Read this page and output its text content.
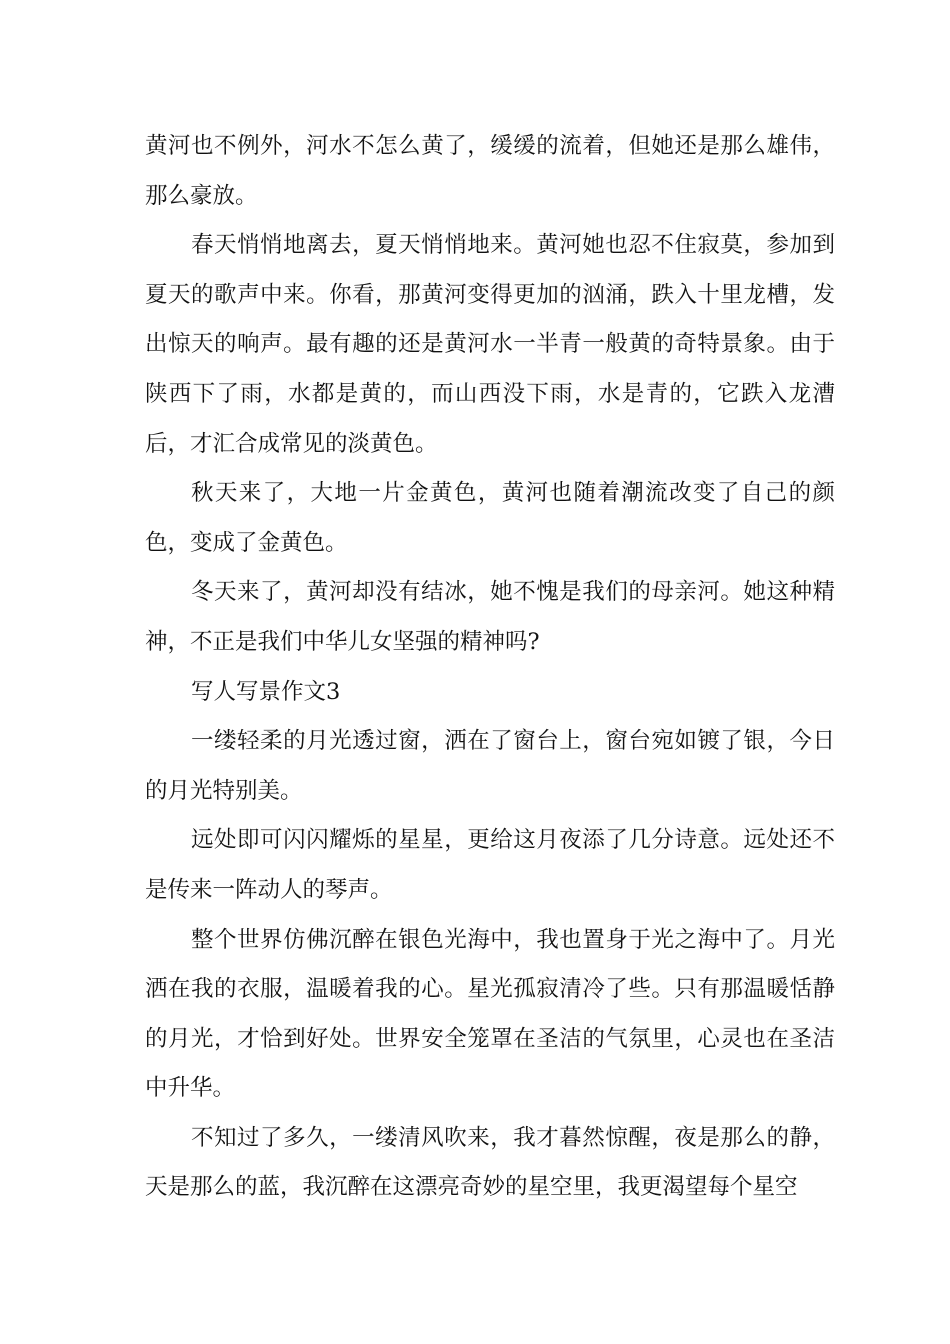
黄河也不例外，河水不怎么黄了，缓缓的流着，但她还是那么雄伟，那么豪放。

春天悄悄地离去，夏天悄悄地来。黄河她也忍不住寂莫，参加到夏天的歌声中来。你看，那黄河变得更加的汹涌，跌入十里龙槽，发出惊天的响声。最有趣的还是黄河水一半青一般黄的奇特景象。由于陕西下了雨，水都是黄的，而山西没下雨，水是青的，它跌入龙漕后，才汇合成常见的淡黄色。

秋天来了，大地一片金黄色，黄河也随着潮流改变了自己的颜色，变成了金黄色。

冬天来了，黄河却没有结冰，她不愧是我们的母亲河。她这种精神，不正是我们中华儿女坚强的精神吗?

写人写景作文3

一缕轻柔的月光透过窗，洒在了窗台上，窗台宛如镀了银，今日的月光特别美。

远处即可闪闪耀烁的星星，更给这月夜添了几分诗意。远处还不是传来一阵动人的琴声。

整个世界仿佛沉醉在银色光海中，我也置身于光之海中了。月光洒在我的衣服，温暖着我的心。星光孤寂清冷了些。只有那温暖恬静的月光，才恰到好处。世界安全笼罩在圣洁的气氛里，心灵也在圣洁中升华。

不知过了多久，一缕清风吹来，我才暮然惊醒，夜是那么的静，天是那么的蓝，我沉醉在这漂亮奇妙的星空里，我更渴望每个星空
